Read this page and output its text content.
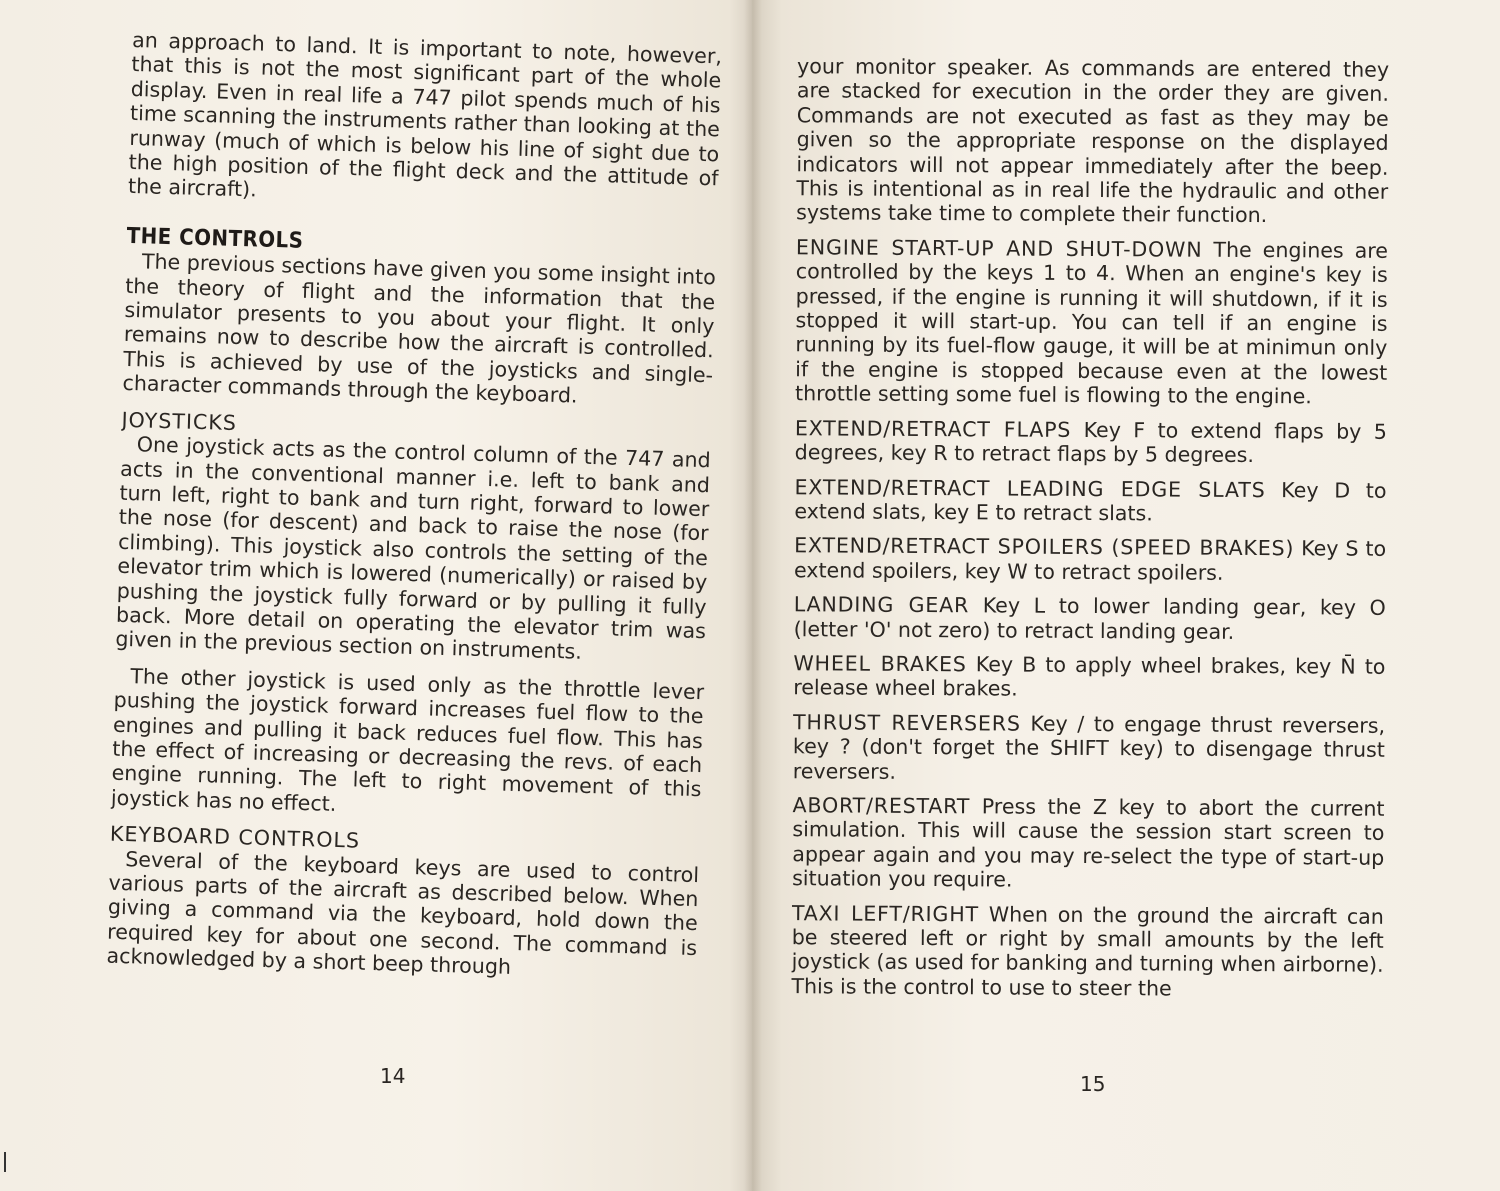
an approach to land. It is important to note, however, that this is not the most significant part of the whole display. Even in real life a 747 pilot spends much of his time scanning the instruments rather than looking at the runway (much of which is below his line of sight due to the high position of the flight deck and the attitude of the aircraft).

THE CONTROLS

The previous sections have given you some insight into the theory of flight and the information that the simulator presents to you about your flight. It only remains now to describe how the aircraft is controlled. This is achieved by use of the joysticks and single-character commands through the keyboard.

JOYSTICKS

One joystick acts as the control column of the 747 and acts in the conventional manner i.e. left to bank and turn left, right to bank and turn right, forward to lower the nose (for descent) and back to raise the nose (for climbing). This joystick also controls the setting of the elevator trim which is lowered (numerically) or raised by pushing the joystick fully forward or by pulling it fully back. More detail on operating the elevator trim was given in the previous section on instruments.

The other joystick is used only as the throttle lever pushing the joystick forward increases fuel flow to the engines and pulling it back reduces fuel flow. This has the effect of increasing or decreasing the revs. of each engine running. The left to right movement of this joystick has no effect.

KEYBOARD CONTROLS

Several of the keyboard keys are used to control various parts of the aircraft as described below. When giving a command via the keyboard, hold down the required key for about one second. The command is acknowledged by a short beep through

14

your monitor speaker. As commands are entered they are stacked for execution in the order they are given. Commands are not executed as fast as they may be given so the appropriate response on the displayed indicators will not appear immediately after the beep. This is intentional as in real life the hydraulic and other systems take time to complete their function.

ENGINE START-UP AND SHUT-DOWN The engines are controlled by the keys 1 to 4. When an engine's key is pressed, if the engine is running it will shutdown, if it is stopped it will start-up. You can tell if an engine is running by its fuel-flow gauge, it will be at minimun only if the engine is stopped because even at the lowest throttle setting some fuel is flowing to the engine.

EXTEND/RETRACT FLAPS Key F to extend flaps by 5 degrees, key R to retract flaps by 5 degrees.

EXTEND/RETRACT LEADING EDGE SLATS Key D to extend slats, key E to retract slats.

EXTEND/RETRACT SPOILERS (SPEED BRAKES) Key S to extend spoilers, key W to retract spoilers.

LANDING GEAR Key L to lower landing gear, key O (letter 'O' not zero) to retract landing gear.

WHEEL BRAKES Key B to apply wheel brakes, key N̄ to release wheel brakes.

THRUST REVERSERS Key / to engage thrust reversers, key ? (don't forget the SHIFT key) to disengage thrust reversers.

ABORT/RESTART Press the Z key to abort the current simulation. This will cause the session start screen to appear again and you may re-select the type of start-up situation you require.

TAXI LEFT/RIGHT When on the ground the aircraft can be steered left or right by small amounts by the left joystick (as used for banking and turning when airborne). This is the control to use to steer the

15
